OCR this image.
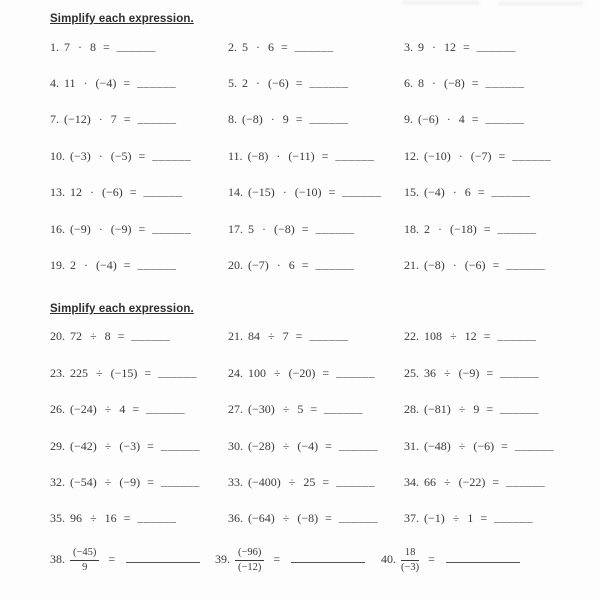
Simplify each expression.

1. 7 · 8 = ______	2. 5 · 6 = ______	3. 9 · 12 = ______
4. 11 · (−4) = ______	5. 2 · (−6) = ______	6. 8 · (−8) = ______
7. (−12) · 7 = ______	8. (−8) · 9 = ______	9. (−6) · 4 = ______
10. (−3) · (−5) = ______	11. (−8) · (−11) = ______	12. (−10) · (−7) = ______
13. 12 · (−6) = ______	14. (−15) · (−10) = ______	15. (−4) · 6 = ______
16. (−9) · (−9) = ______	17. 5 · (−8) = ______	18. 2 · (−18) = ______
19. 2 · (−4) = ______	20. (−7) · 6 = ______	21. (−8) · (−6) = ______

Simplify each expression.

20. 72 ÷ 8 = ______	21. 84 ÷ 7 = ______	22. 108 ÷ 12 = ______
23. 225 ÷ (−15) = ______	24. 100 ÷ (−20) = ______	25. 36 ÷ (−9) = ______
26. (−24) ÷ 4 = ______	27. (−30) ÷ 5 = ______	28. (−81) ÷ 9 = ______
29. (−42) ÷ (−3) = ______	30. (−28) ÷ (−4) = ______	31. (−48) ÷ (−6) = ______
32. (−54) ÷ (−9) = ______	33. (−400) ÷ 25 = ______	34. 66 ÷ (−22) = ______
35. 96 ÷ 16 = ______	36. (−64) ÷ (−8) = ______	37. (−1) ÷ 1 = ______
38. $\frac{(-45)}{9}$ =	39. $\frac{(-96)}{(-12)}$ =	40. $\frac{18}{(-3)}$ =
